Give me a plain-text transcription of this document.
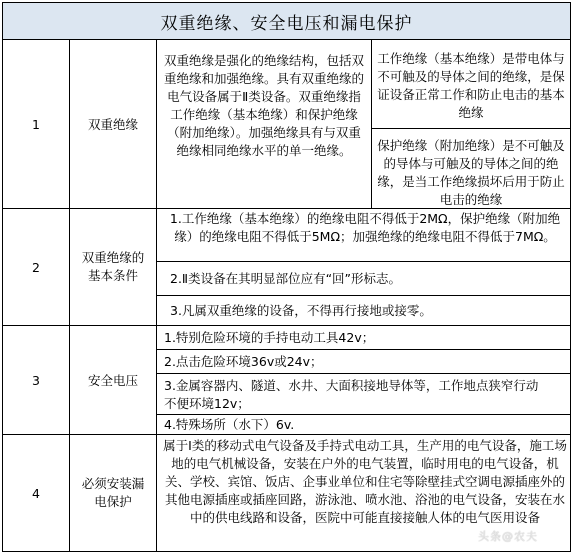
双重绝缘、安全电压和漏电保护
1	双重绝缘
双重绝缘是强化的绝缘结构，包括双重绝缘和加强绝缘。具有双重绝缘的电气设备属于Ⅱ类设备。双重绝缘指工作绝缘（基本绝缘）和保护绝缘（附加绝缘）。加强绝缘具有与双重绝缘相同绝缘水平的单一绝缘。
工作绝缘（基本绝缘）是带电体与不可触及的导体之间的绝缘，是保证设备正常工作和防止电击的基本绝缘
保护绝缘（附加绝缘）是不可触及的导体与可触及的导体之间的绝缘，是当工作绝缘损坏后用于防止电击的绝缘
2
双重绝缘的基本条件
1.工作绝缘（基本绝缘）的绝缘电阻不得低于2MΩ，保护绝缘（附加绝缘）的绝缘电阻不得低于5MΩ；加强绝缘的绝缘电阻不得低于7MΩ。
2.Ⅱ类设备在其明显部位应有“回”形标志。
3.凡属双重绝缘的设备，不得再行接地或接零。
3	安全电压
1.特别危险环境的手持电动工具42v；
2.点击危险环境36v或24v；
3.金属容器内、隧道、水井、大面积接地导体等，工作地点狭窄行动不便环境12v；
4.特殊场所（水下）6v.
4
必须安装漏电保护
属于Ⅰ类的移动式电气设备及手持式电动工具，生产用的电气设备，施工场地的电气机械设备，安装在户外的电气装置，临时用电的电气设备，机关、学校、宾馆、饭店、企事业单位和住宅等除壁挂式空调电源插座外的其他电源插座或插座回路，游泳池、喷水池、浴池的电气设备，安装在水中的供电线路和设备，医院中可能直接接触人体的电气医用设备
头条@农夫
